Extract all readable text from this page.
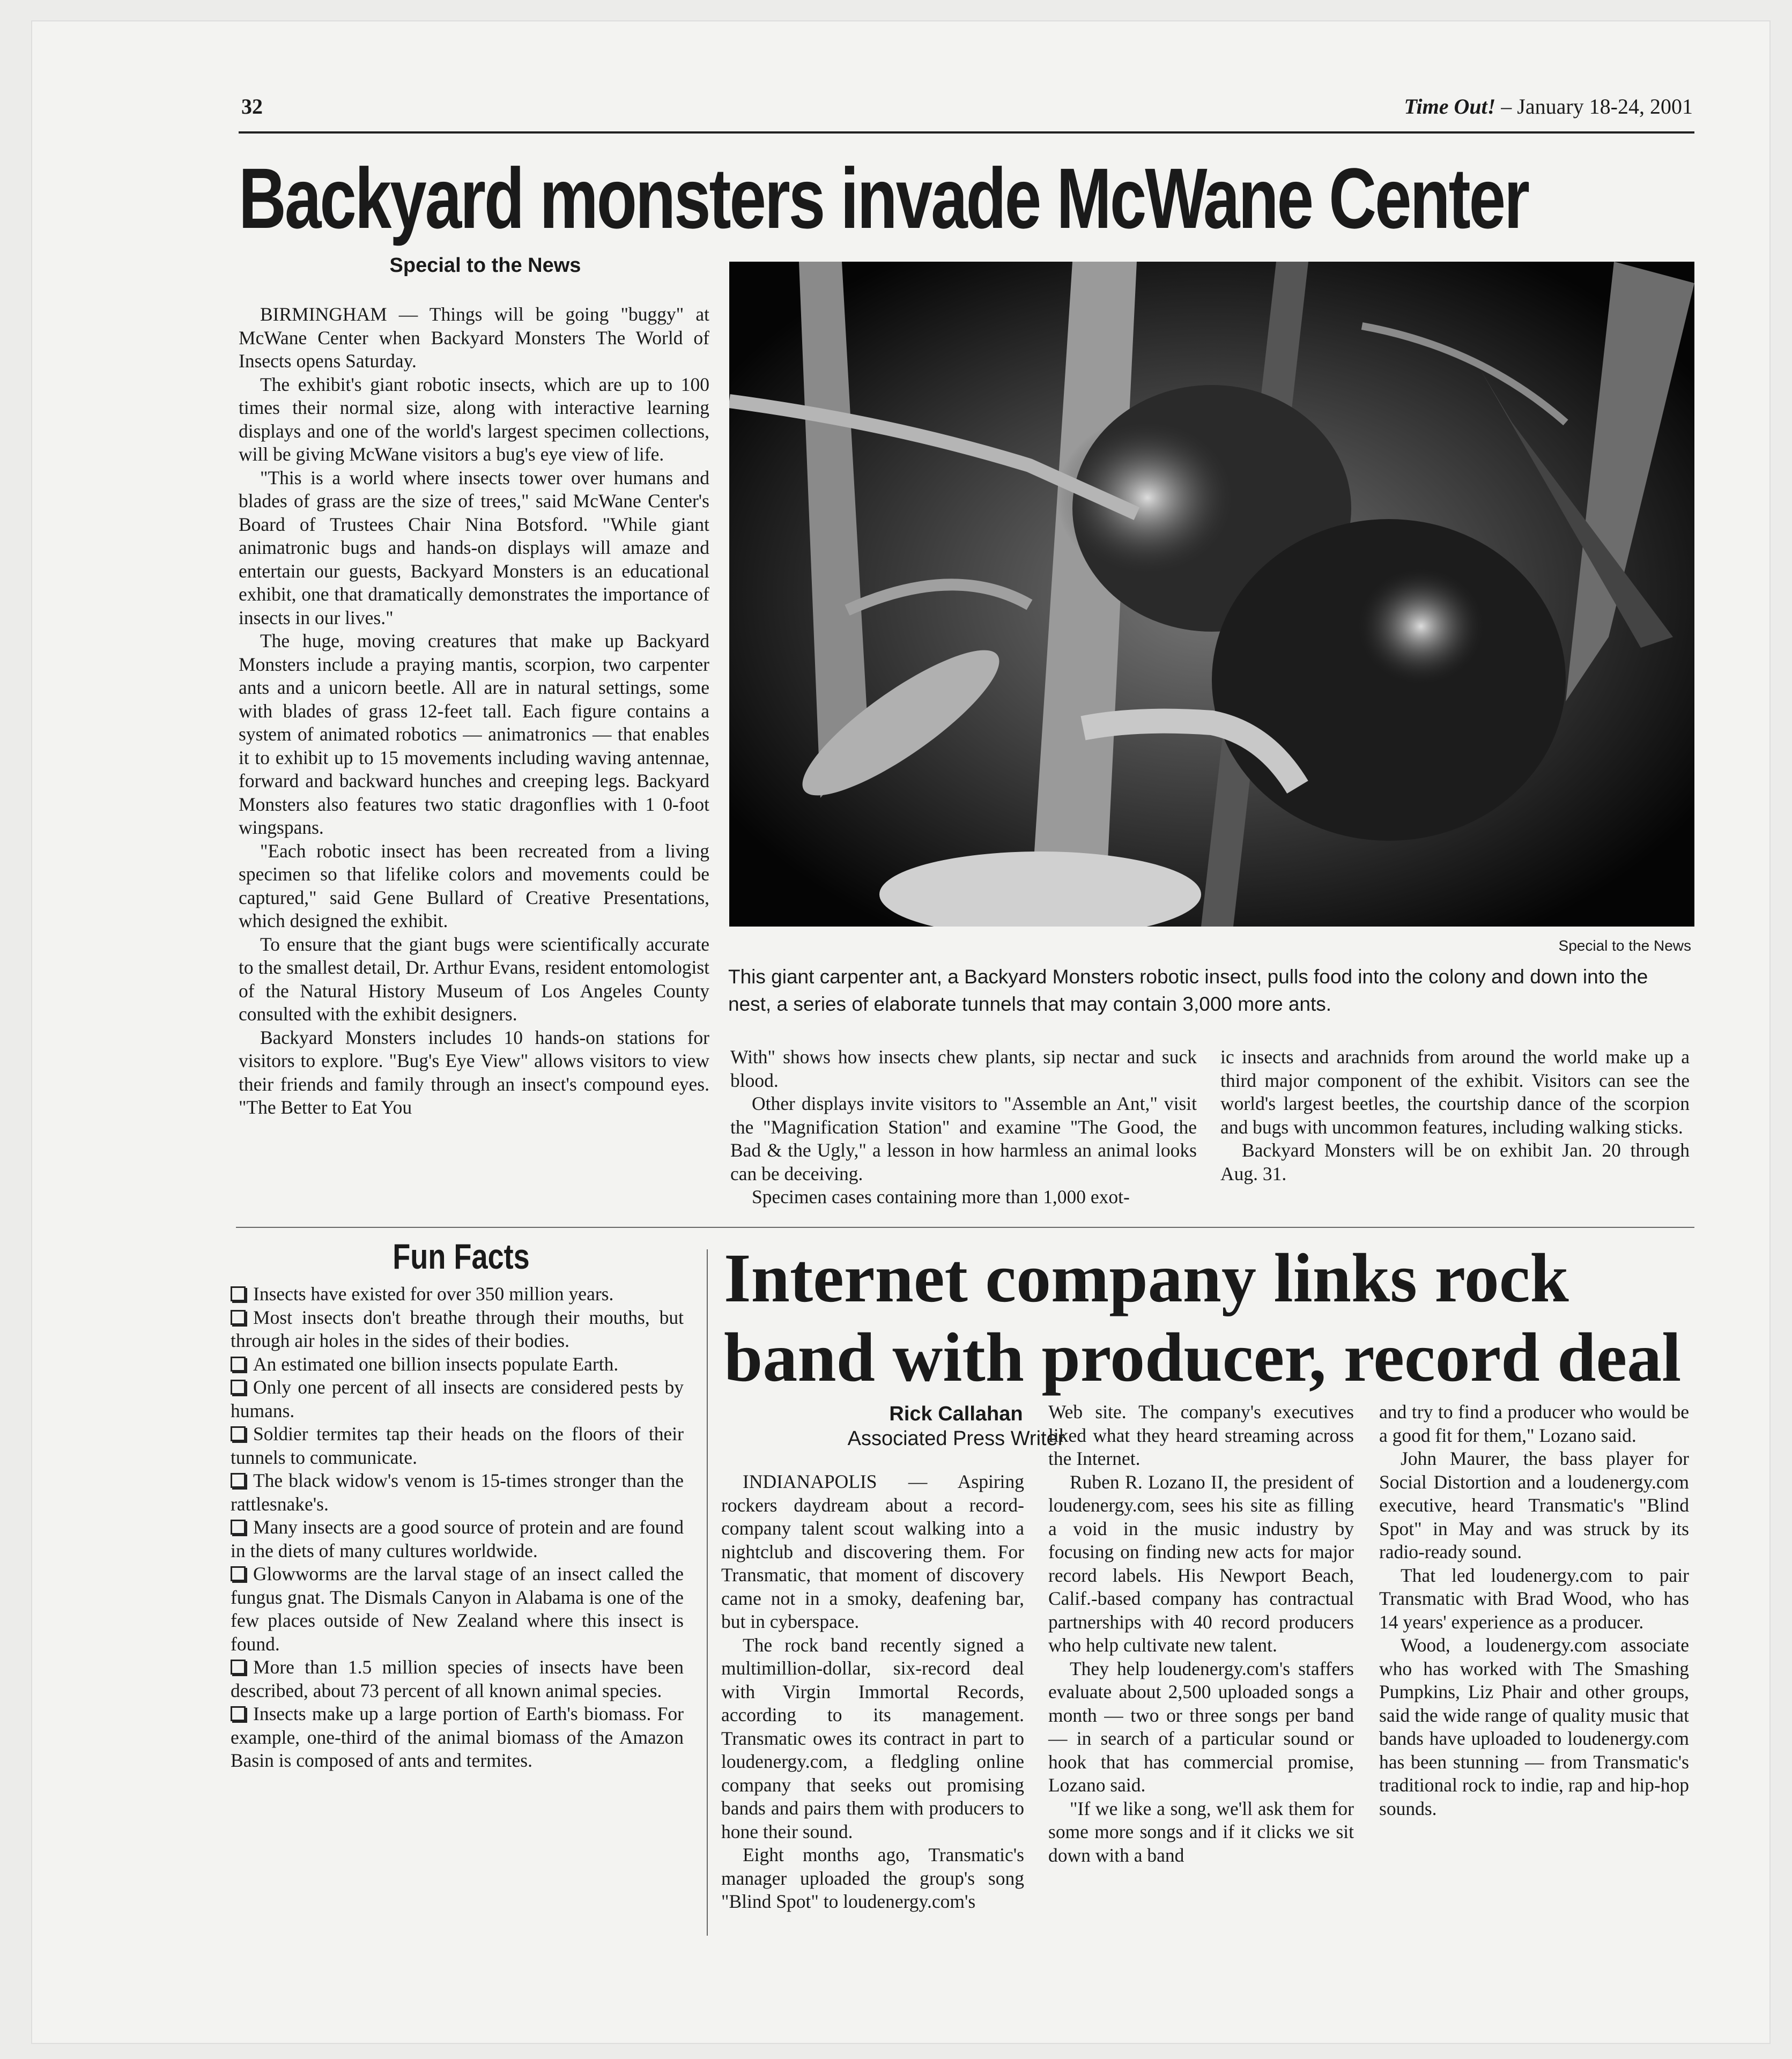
32	Time Out! – January 18-24, 2001
Backyard monsters invade McWane Center
Special to the News

BIRMINGHAM — Things will be going "buggy" at McWane Center when Backyard Monsters The World of Insects opens Saturday.

The exhibit's giant robotic insects, which are up to 100 times their normal size, along with interactive learning displays and one of the world's largest specimen collections, will be giving McWane visitors a bug's eye view of life.

"This is a world where insects tower over humans and blades of grass are the size of trees," said McWane Center's Board of Trustees Chair Nina Botsford. "While giant animatronic bugs and hands-on displays will amaze and entertain our guests, Backyard Monsters is an educational exhibit, one that dramatically demonstrates the importance of insects in our lives."

The huge, moving creatures that make up Backyard Monsters include a praying mantis, scorpion, two carpenter ants and a unicorn beetle. All are in natural settings, some with blades of grass 12-feet tall. Each figure contains a system of animated robotics — animatronics — that enables it to exhibit up to 15 movements including waving antennae, forward and backward hunches and creeping legs. Backyard Monsters also features two static dragonflies with 1 0-foot wingspans.

"Each robotic insect has been recreated from a living specimen so that lifelike colors and movements could be captured," said Gene Bullard of Creative Presentations, which designed the exhibit.

To ensure that the giant bugs were scientifically accurate to the smallest detail, Dr. Arthur Evans, resident entomologist of the Natural History Museum of Los Angeles County consulted with the exhibit designers.

Backyard Monsters includes 10 hands-on stations for visitors to explore. "Bug's Eye View" allows visitors to view their friends and family through an insect's compound eyes. "The Better to Eat You

Special to the News
This giant carpenter ant, a Backyard Monsters robotic insect, pulls food into the colony and down into the nest, a series of elaborate tunnels that may contain 3,000 more ants.

With" shows how insects chew plants, sip nectar and suck blood.

Other displays invite visitors to "Assemble an Ant," visit the "Magnification Station" and examine "The Good, the Bad & the Ugly," a lesson in how harmless an animal looks can be deceiving.

Specimen cases containing more than 1,000 exot-

ic insects and arachnids from around the world make up a third major component of the exhibit. Visitors can see the world's largest beetles, the courtship dance of the scorpion and bugs with uncommon features, including walking sticks.

Backyard Monsters will be on exhibit Jan. 20 through Aug. 31.

Fun Facts
Insects have existed for over 350 million years.
Most insects don't breathe through their mouths, but through air holes in the sides of their bodies.
An estimated one billion insects populate Earth.
Only one percent of all insects are considered pests by humans.
Soldier termites tap their heads on the floors of their tunnels to communicate.
The black widow's venom is 15-times stronger than the rattlesnake's.
Many insects are a good source of protein and are found in the diets of many cultures worldwide.
Glowworms are the larval stage of an insect called the fungus gnat. The Dismals Canyon in Alabama is one of the few places outside of New Zealand where this insect is found.
More than 1.5 million species of insects have been described, about 73 percent of all known animal species.
Insects make up a large portion of Earth's biomass. For example, one-third of the animal biomass of the Amazon Basin is composed of ants and termites.
Internet company links rock band with producer, record deal
Rick Callahan
Associated Press Writer

INDIANAPOLIS — Aspiring rockers daydream about a record-company talent scout walking into a nightclub and discovering them. For Transmatic, that moment of discovery came not in a smoky, deafening bar, but in cyberspace.

The rock band recently signed a multimillion-dollar, six-record deal with Virgin Immortal Records, according to its management. Transmatic owes its contract in part to loudenergy.com, a fledgling online company that seeks out promising bands and pairs them with producers to hone their sound.

Eight months ago, Transmatic's manager uploaded the group's song "Blind Spot" to loudenergy.com's

Web site. The company's executives liked what they heard streaming across the Internet.

Ruben R. Lozano II, the president of loudenergy.com, sees his site as filling a void in the music industry by focusing on finding new acts for major record labels. His Newport Beach, Calif.-based company has contractual partnerships with 40 record producers who help cultivate new talent.

They help loudenergy.com's staffers evaluate about 2,500 uploaded songs a month — two or three songs per band — in search of a particular sound or hook that has commercial promise, Lozano said.

"If we like a song, we'll ask them for some more songs and if it clicks we sit down with a band

and try to find a producer who would be a good fit for them," Lozano said.

John Maurer, the bass player for Social Distortion and a loudenergy.com executive, heard Transmatic's "Blind Spot" in May and was struck by its radio-ready sound.

That led loudenergy.com to pair Transmatic with Brad Wood, who has 14 years' experience as a producer.

Wood, a loudenergy.com associate who has worked with The Smashing Pumpkins, Liz Phair and other groups, said the wide range of quality music that bands have uploaded to loudenergy.com has been stunning — from Transmatic's traditional rock to indie, rap and hip-hop sounds.
